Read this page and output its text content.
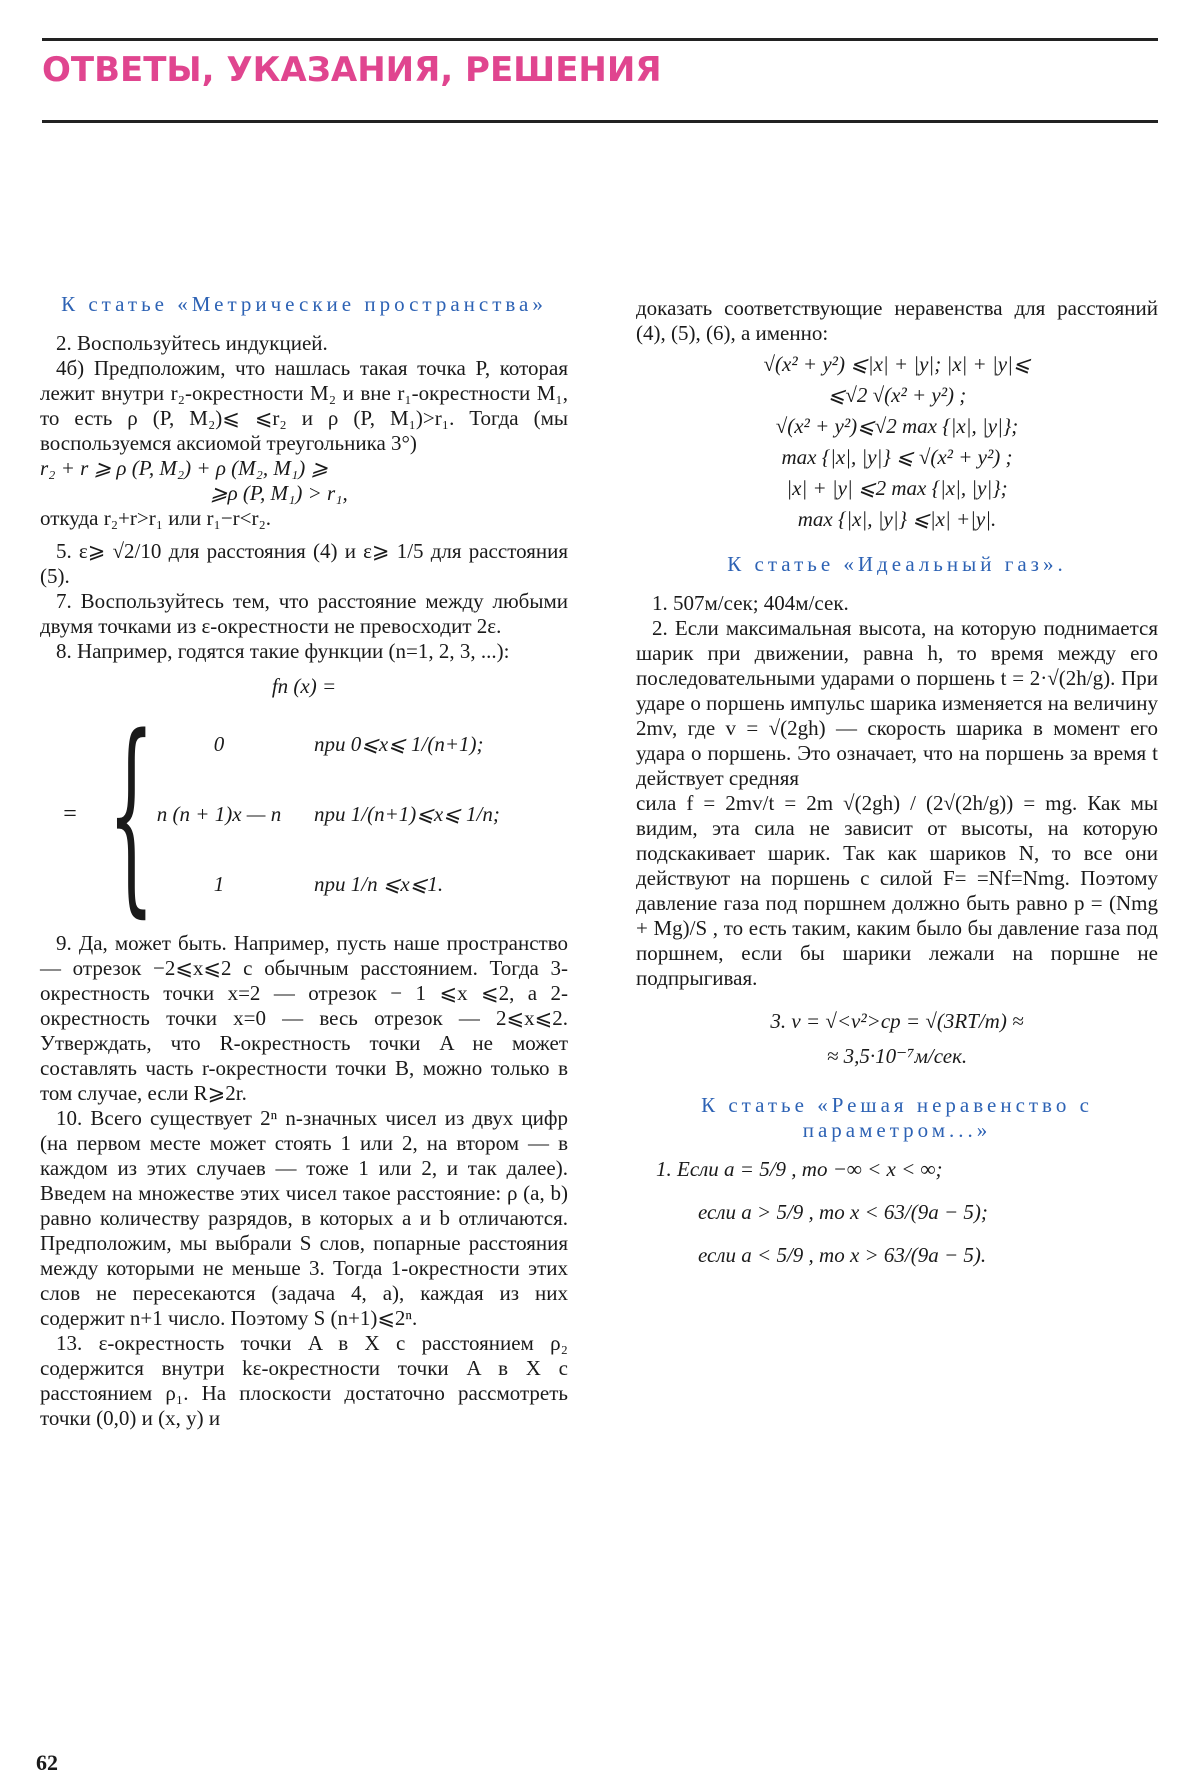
ОТВЕТЫ, УКАЗАНИЯ, РЕШЕНИЯ
К статье «Метрические пространства»

2. Воспользуйтесь индукцией.

4б) Предположим, что нашлась такая точка P, которая лежит внутри r₂-окрестности M₂ и вне r₁-окрестности M₁, то есть ρ (P, M₂)⩽ ⩽r₂ и ρ (P, M₁)>r₁. Тогда (мы воспользуемся аксиомой треугольника 3°)

r₂ + r ⩾ ρ (P, M₂) + ρ (M₂, M₁) ⩾

⩾ρ (P, M₁) > r₁,

откуда r₂+r>r₁ или r₁−r<r₂.

5. ε⩾ √2/10 для расстояния (4) и ε⩾ 1/5 для расстояния (5).

7. Воспользуйтесь тем, что расстояние между любыми двумя точками из ε-окрестности не превосходит 2ε.

8. Например, годятся такие функции (n=1, 2, 3, ...):

fn (x) =

= {	0	при 0⩽x⩽ 1/(n+1);
n (n + 1)x — n	при 1/(n+1)⩽x⩽ 1/n;
1	при 1/n ⩽x⩽1.

9. Да, может быть. Например, пусть наше пространство — отрезок −2⩽x⩽2 с обычным расстоянием. Тогда 3-окрестность точки x=2 — отрезок − 1 ⩽x ⩽2, а 2-окрестность точки x=0 — весь отрезок — 2⩽x⩽2. Утверждать, что R-окрестность точки A не может составлять часть r-окрестности точки B, можно только в том случае, если R⩾2r.

10. Всего существует 2ⁿ n-значных чисел из двух цифр (на первом месте может стоять 1 или 2, на втором — в каждом из этих случаев — тоже 1 или 2, и так далее). Введем на множестве этих чисел такое расстояние: ρ (a, b) равно количеству разрядов, в которых a и b отличаются. Предположим, мы выбрали S слов, попарные расстояния между которыми не меньше 3. Тогда 1-окрестности этих слов не пересекаются (задача 4, а), каждая из них содержит n+1 число. Поэтому S (n+1)⩽2ⁿ.

13. ε-окрестность точки A в X с расстоянием ρ₂ содержится внутри kε-окрестности точки A в X с расстоянием ρ₁. На плоскости достаточно рассмотреть точки (0,0) и (x, y) и

доказать соответствующие неравенства для расстояний (4), (5), (6), а именно:

√(x² + y²) ⩽|x| + |y|; |x| + |y|⩽

⩽√2 √(x² + y²) ;

√(x² + y²)⩽√2 max {|x|, |y|};

max {|x|, |y|} ⩽ √(x² + y²) ;

|x| + |y| ⩽2 max {|x|, |y|};

max {|x|, |y|} ⩽|x| +|y|.

К статье «Идеальный газ».

1. 507м/сек; 404м/сек.

2. Если максимальная высота, на которую поднимается шарик при движении, равна h, то время между его последовательными ударами о поршень t = 2·√(2h/g). При ударе о поршень импульс шарика изменяется на величину 2mv, где v = √(2gh) — скорость шарика в момент его удара о поршень. Это означает, что на поршень за время t действует средняя

сила f = 2mv/t = 2m √(2gh) / (2√(2h/g)) = mg. Как мы видим, эта сила не зависит от высоты, на которую подскакивает шарик. Так как шариков N, то все они действуют на поршень с силой F= =Nf=Nmg. Поэтому давление газа под поршнем должно быть равно p = (Nmg + Mg)/S , то есть таким, каким было бы давление газа под поршнем, если бы шарики лежали на поршне не подпрыгивая.

3. v = √<v²>ср = √(3RT/m) ≈

≈ 3,5·10⁻⁷м/сек.

К статье «Решая неравенство с параметром...»

1. Если a = 5/9 , то −∞ < x < ∞;

если a > 5/9 , то x < 63/(9a − 5);

если a < 5/9 , то x > 63/(9a − 5).

62
